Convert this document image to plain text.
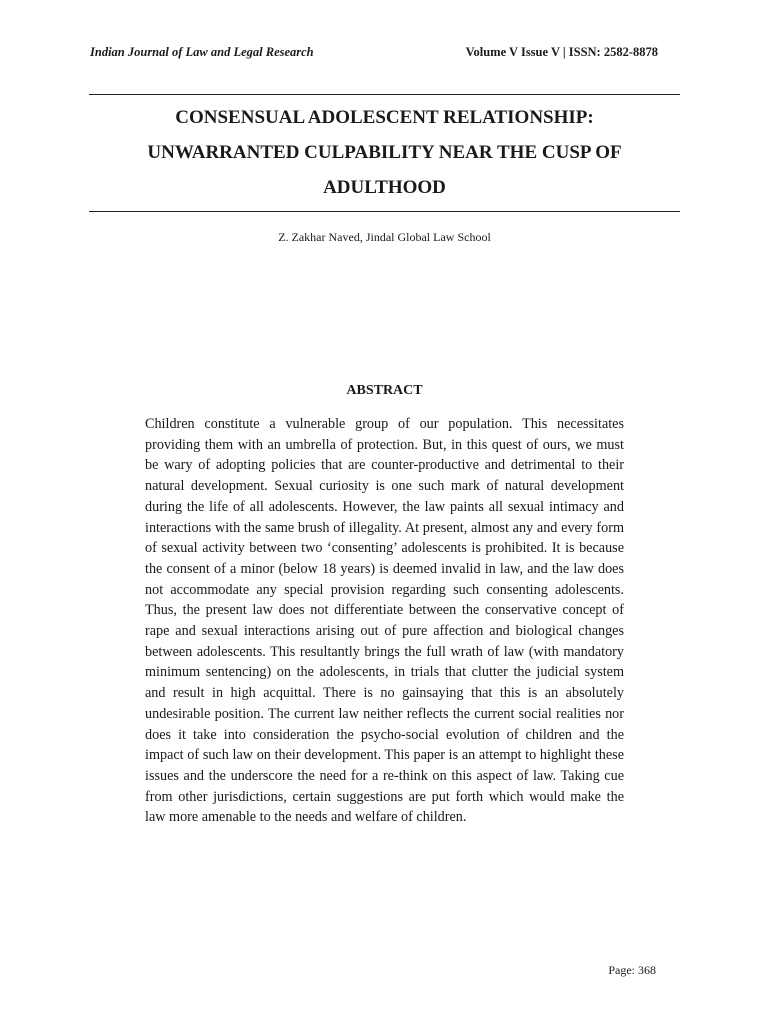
Indian Journal of Law and Legal Research	Volume V Issue V | ISSN: 2582-8878
CONSENSUAL ADOLESCENT RELATIONSHIP:
UNWARRANTED CULPABILITY NEAR THE CUSP OF
ADULTHOOD
Z. Zakhar Naved, Jindal Global Law School
ABSTRACT

Children constitute a vulnerable group of our population. This necessitates providing them with an umbrella of protection. But, in this quest of ours, we must be wary of adopting policies that are counter-productive and detrimental to their natural development. Sexual curiosity is one such mark of natural development during the life of all adolescents. However, the law paints all sexual intimacy and interactions with the same brush of illegality. At present, almost any and every form of sexual activity between two ‘consenting’ adolescents is prohibited. It is because the consent of a minor (below 18 years) is deemed invalid in law, and the law does not accommodate any special provision regarding such consenting adolescents. Thus, the present law does not differentiate between the conservative concept of rape and sexual interactions arising out of pure affection and biological changes between adolescents. This resultantly brings the full wrath of law (with mandatory minimum sentencing) on the adolescents, in trials that clutter the judicial system and result in high acquittal. There is no gainsaying that this is an absolutely undesirable position. The current law neither reflects the current social realities nor does it take into consideration the psycho-social evolution of children and the impact of such law on their development. This paper is an attempt to highlight these issues and the underscore the need for a re-think on this aspect of law. Taking cue from other jurisdictions, certain suggestions are put forth which would make the law more amenable to the needs and welfare of children.

Page: 368
